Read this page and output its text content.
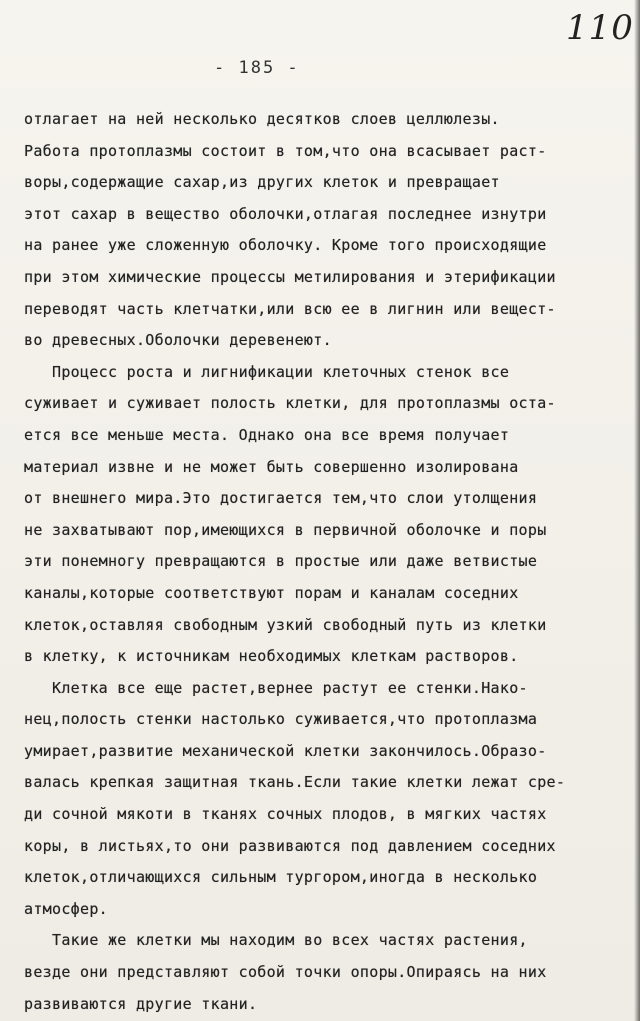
110
- 185 -
отлагает на ней несколько десятков слоев целлюлезы.
Работа протоплазмы состоит в том,что она всасывает раст-
воры,содержащие сахар,из других клеток и превращает
этот сахар в вещество оболочки,отлагая последнее изнутри
на ранее уже сложенную оболочку. Кроме того происходящие
при этом химические процессы метилирования и этерификации
переводят часть клетчатки,или всю ее в лигнин или вещест-
во древесных.Оболочки деревенеют.
Процесс роста и лигнификации клеточных стенок все
суживает и суживает полость клетки, для протоплазмы оста-
ется все меньше места. Однако она все время получает
материал извне и не может быть совершенно изолирована
от внешнего мира.Это достигается тем,что слои утолщения
не захватывают пор,имеющихся в первичной оболочке и поры
эти понемногу превращаются в простые или даже ветвистые
каналы,которые соответствуют порам и каналам соседних
клеток,оставляя свободным узкий свободный путь из клетки
в клетку, к источникам необходимых клеткам растворов.
Клетка все еще растет,вернее растут ее стенки.Нако-
нец,полость стенки настолько суживается,что протоплазма
умирает,развитие механической клетки закончилось.Образо-
валась крепкая защитная ткань.Если такие клетки лежат сре-
ди сочной мякоти в тканях сочных плодов, в мягких частях
коры, в листьях,то они развиваются под давлением соседних
клеток,отличающихся сильным тургором,иногда в несколько
атмосфер.
Такие же клетки мы находим во всех частях растения,
везде они представляют собой точки опоры.Опираясь на них
развиваются другие ткани.
